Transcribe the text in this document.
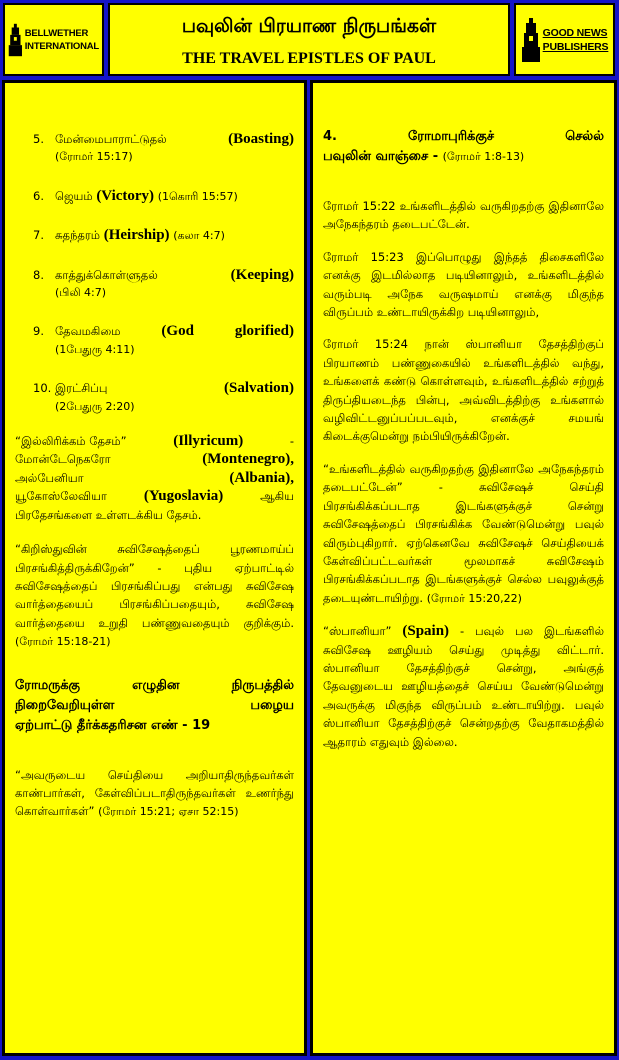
BELLWETHER
INTERNATIONAL
பவுலின் பிரயாண நிருபங்கள்
THE TRAVEL EPISTLES OF PAUL
GOOD NEWS
PUBLISHERS
5. மேன்மைபாராட்டுதல்	(Boasting)
(ரோமர் 15:17)
6. ஜெயம் (Victory) (1கொரி 15:57)
7. சுதந்தரம் (Heirship) (கலா 4:7)
8. காத்துக்கொள்ளுதல்	(Keeping)
(பிலி 4:7)
9. தேவமகிமை	(God	glorified)
(1பேதுரு 4:11)
10. இரட்சிப்பு	(Salvation)
(2பேதுரு 2:20)
“இல்லிரிக்கம் தேசம்”	(Illyricum)	-
மோன்டேநெகரோ	(Montenegro),
அல்பேனியா	(Albania),
யூகோஸ்லேவியா (Yugoslavia)	ஆகிய
பிரதேசங்களை உள்ளடக்கிய தேசம்.
“கிறிஸ்துவின் சுவிசேஷத்தைப் பூரணமாய்ப் பிரசங்கித்திருக்கிறேன்” - புதிய ஏற்பாட்டில் சுவிசேஷத்தைப் பிரசங்கிப்பது என்பது சுவிசேஷ வார்த்தையைப் பிரசங்கிப்பதையும், சுவிசேஷ வார்த்தையை உறுதி பண்ணுவதையும் குறிக்கும். (ரோமர் 15:18-21)
ரோமருக்கு	எழுதின	நிருபத்தில்
நிறைவேறியுள்ள	பழைய
ஏற்பாட்டு தீர்க்கதரிசன எண் - 19
“அவருடைய செய்தியை அறியாதிருந்தவர்கள் காண்பார்கள், கேள்விப்படாதிருந்தவர்கள் உணர்ந்து கொள்வார்கள்” (ரோமர் 15:21; ஏசா 52:15)
4.	ரோமாபுரிக்குச்	செல்ல்
பவுலின் வாஞ்சை - (ரோமர் 1:8-13)
ரோமர் 15:22 உங்களிடத்தில் வருகிறதற்கு இதினாலே அநேகந்தரம் தடைபட்டேன்.
ரோமர் 15:23 இப்பொழுது இந்தத் திசைகளிலே எனக்கு இடமில்லாத படியினாலும், உங்களிடத்தில் வரும்படி அநேக வருஷமாய் எனக்கு மிகுந்த விருப்பம் உண்டாயிருக்கிற படியினாலும்,
ரோமர் 15:24 நான் ஸ்பானியா தேசத்திற்குப் பிரயாணம் பண்ணுகையில் உங்களிடத்தில் வந்து, உங்களைக் கண்டு கொள்ளவும், உங்களிடத்தில் சற்றுத் திருப்தியடைந்த பின்பு, அவ்விடத்திற்கு உங்களால் வழிவிட்டனுப்பப்படவும், எனக்குச் சமயங் கிடைக்குமென்று நம்பியிருக்கிறேன்.
“உங்களிடத்தில் வருகிறதற்கு இதினாலே அநேகந்தரம் தடைபட்டேன்” - சுவிசேஷச் செய்தி பிரசங்கிக்கப்படாத இடங்களுக்குச் சென்று சுவிசேஷத்தைப் பிரசங்கிக்க வேண்டுமென்று பவுல் விரும்புகிறார். ஏற்கெனவே சுவிசேஷச் செய்தியைக் கேள்விப்பட்டவர்கள் மூலமாகச் சுவிசேஷம் பிரசங்கிக்கப்படாத இடங்களுக்குச் செல்ல பவுலுக்குத் தடையுண்டாயிற்று. (ரோமர் 15:20,22)
“ஸ்பானியா” (Spain) - பவுல் பல இடங்களில் சுவிசேஷ ஊழியம் செய்து முடித்து விட்டார். ஸ்பானியா தேசத்திற்குச் சென்று, அங்குத் தேவனுடைய ஊழியத்தைச் செய்ய வேண்டுமென்று அவருக்கு மிகுந்த விருப்பம் உண்டாயிற்று. பவுல் ஸ்பானியா தேசத்திற்குச் சென்றதற்கு வேதாகமத்தில் ஆதாரம் எதுவும் இல்லை.
